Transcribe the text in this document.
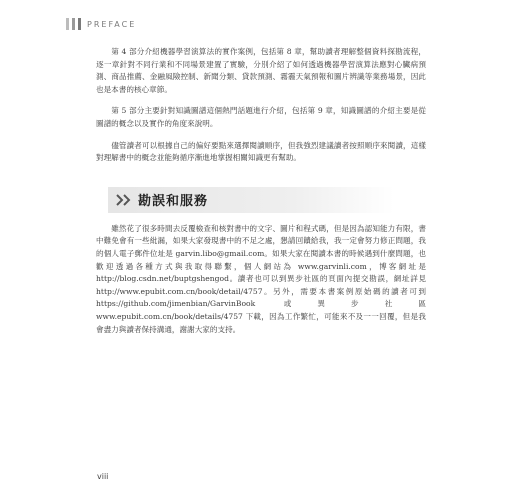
PREFACE

第 4 部分介紹機器學習演算法的實作案例，包括第 8 章，幫助讀者理解整個資料探勘流程，逐一章針對不同行業和不同場景建置了實驗，分別介紹了如何透過機器學習演算法應對心臟病預測、商品推薦、金融風險控制、新聞分類、貸款預測、霧霾天氣預報和圖片辨識等業務場景，因此也是本書的核心章節。

第 5 部分主要針對知識圖譜這個熱門話題進行介紹，包括第 9 章，知識圖譜的介紹主要是從圖譜的概念以及實作的角度來說明。

儘管讀者可以根據自己的偏好要點來選擇閱讀順序，但我強烈建議讀者按照順序來閱讀，這樣對理解書中的概念並能夠循序漸進地掌握相關知識更有幫助。

勘誤和服務

雖然花了很多時間去反覆檢查和核對書中的文字、圖片和程式碼，但是因為認知能力有限，書中難免會有一些紕漏，如果大家發現書中的不足之處，懇請回饋給我，我一定會努力修正問題，我的個人電子郵件位址是 garvin.libo@gmail.com。如果大家在閱讀本書的時候遇到什麼問題，也歡迎透過各種方式與我取得聯繫，個人網站為 www.garvinli.com，博客網址是 http://blog.csdn.net/buptgshengod。讀者也可以到異步社區的頁面內提交勘誤，網址詳見 http://www.epubit.com.cn/book/detail/4757。另外，需要本書案例原始碼的讀者可到 https://github.com/jimenbian/GarvinBook 或異步社區 www.epubit.com.cn/book/details/4757 下載，因為工作繁忙，可能來不及一一回覆，但是我會盡力與讀者保持溝通，謝謝大家的支持。

viii
